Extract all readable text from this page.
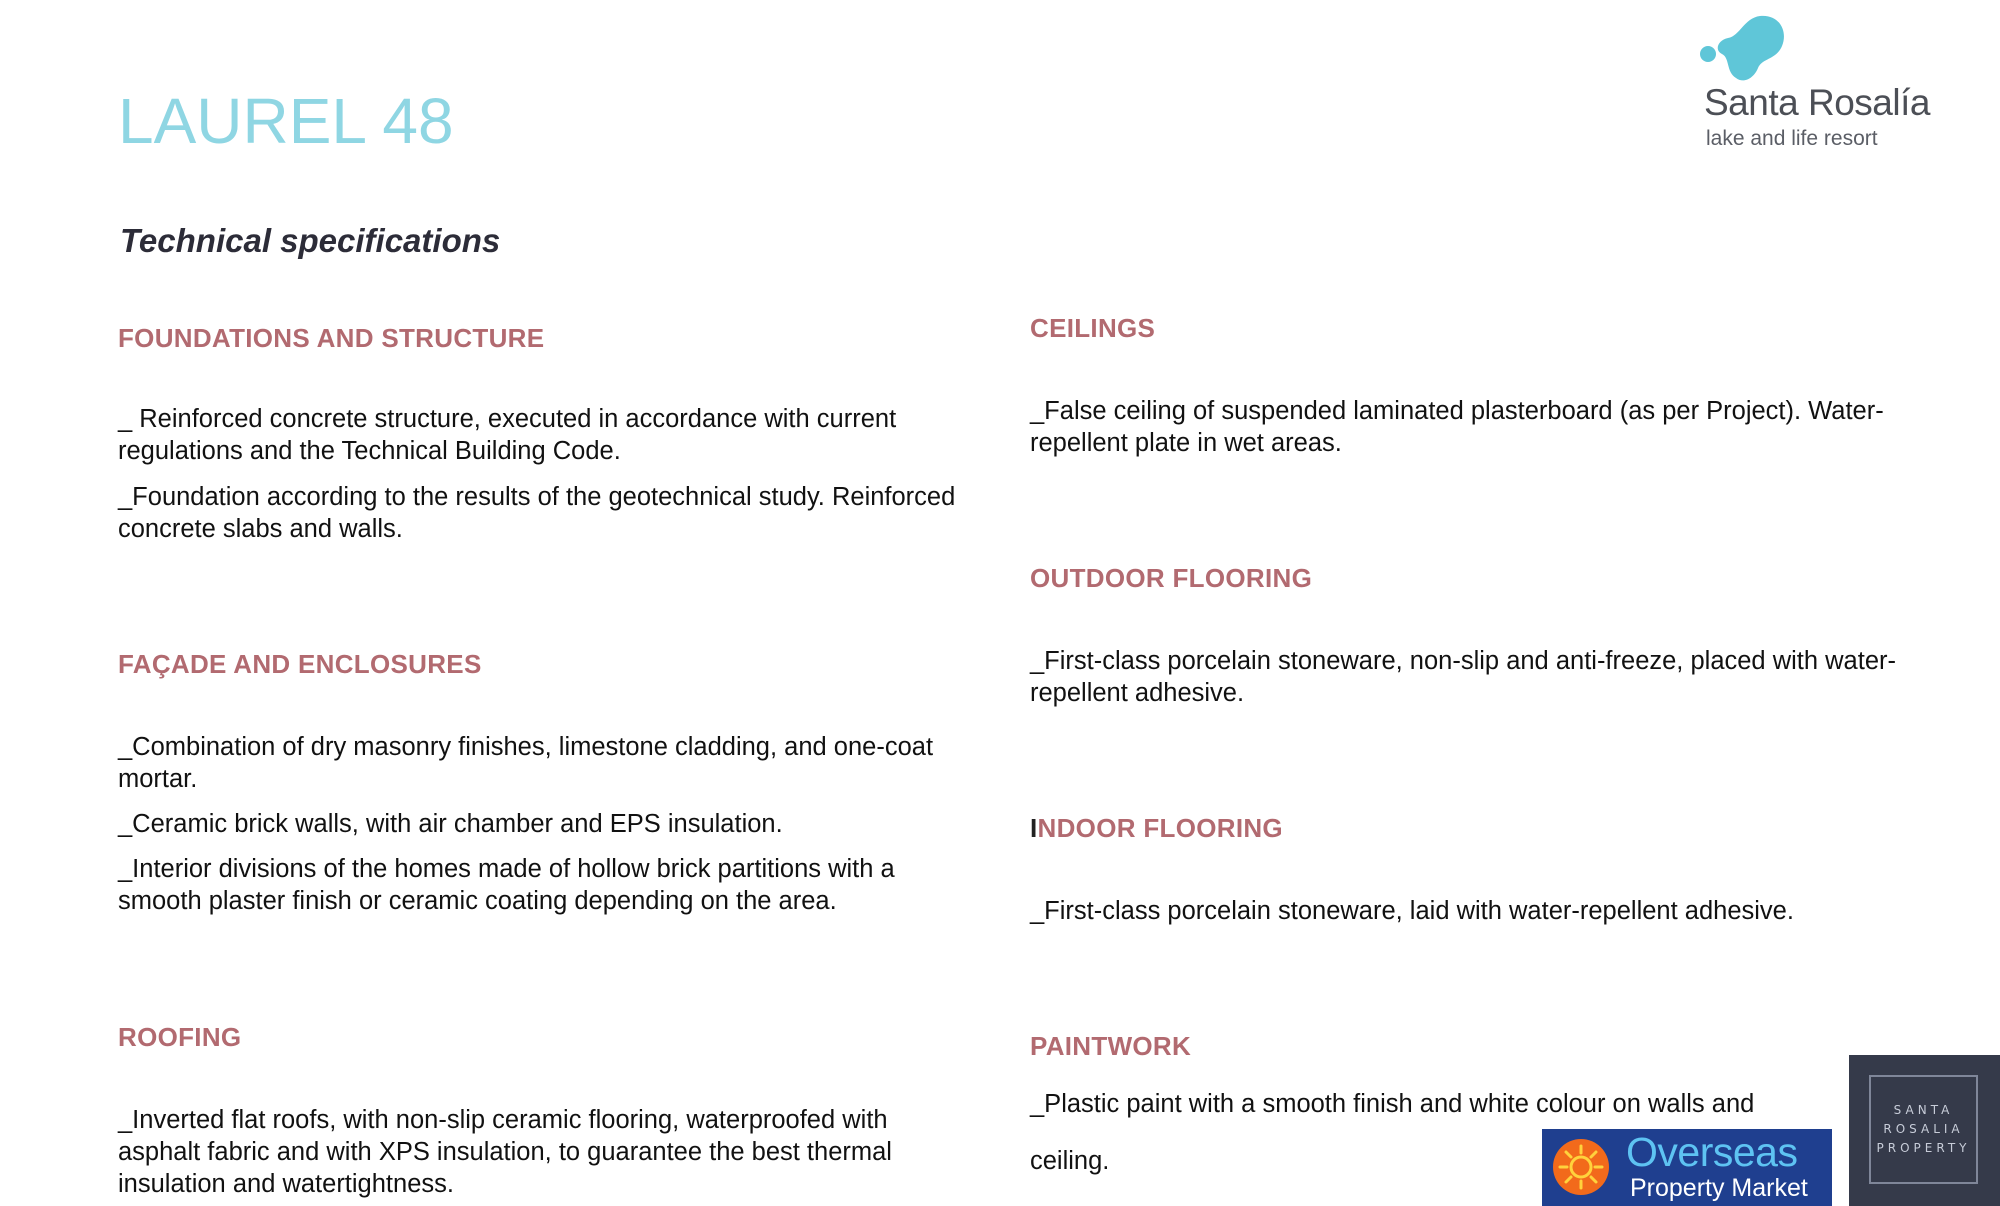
LAUREL 48
Technical specifications
Santa Rosalía
lake and life resort
FOUNDATIONS AND STRUCTURE

_ Reinforced concrete structure, executed in accordance with current regulations and the Technical Building Code.

_Foundation according to the results of the geotechnical study. Reinforced concrete slabs and walls.

FAÇADE AND ENCLOSURES

_Combination of dry masonry finishes, limestone cladding, and one-coat mortar.

_Ceramic brick walls, with air chamber and EPS insulation.

_Interior divisions of the homes made of hollow brick partitions with a smooth plaster finish or ceramic coating depending on the area.

ROOFING

_Inverted flat roofs, with non-slip ceramic flooring, waterproofed with asphalt fabric and with XPS insulation, to guarantee the best thermal insulation and watertightness.

CEILINGS

_False ceiling of suspended laminated plasterboard (as per Project). Water-repellent plate in wet areas.

OUTDOOR FLOORING

_First-class porcelain stoneware, non-slip and anti-freeze, placed with water-repellent adhesive.

INDOOR FLOORING

_First-class porcelain stoneware, laid with water-repellent adhesive.

PAINTWORK

_Plastic paint with a smooth finish and white colour on walls and

ceiling.

SANTA
ROSALIA
PROPERTY
Overseas
Property Market
